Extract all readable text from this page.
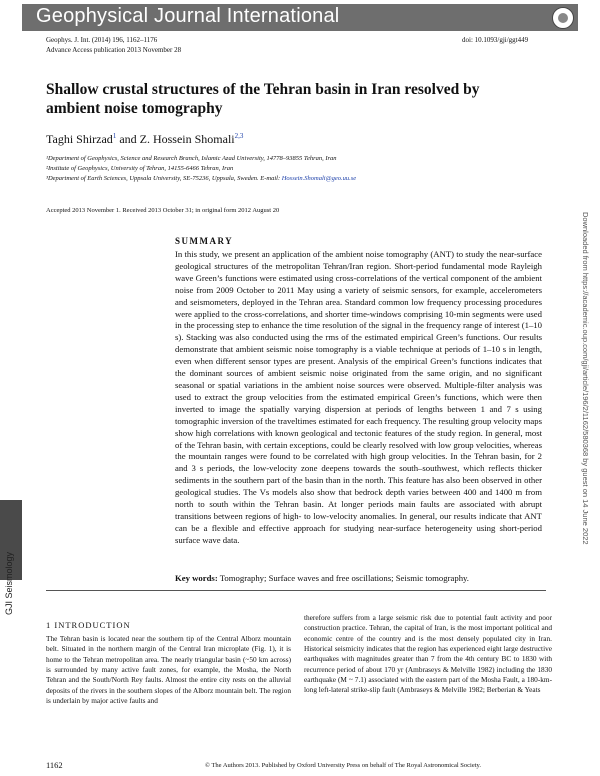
Geophysical Journal International
Geophys. J. Int. (2014) 196, 1162–1176
Advance Access publication 2013 November 28
doi: 10.1093/gji/ggt449
Shallow crustal structures of the Tehran basin in Iran resolved by ambient noise tomography
Taghi Shirzad$^1$ and Z. Hossein Shomali$^{2,3}$
¹Department of Geophysics, Science and Research Branch, Islamic Azad University, 14778–93855 Tehran, Iran
²Institute of Geophysics, University of Tehran, 14155-6466 Tehran, Iran
³Department of Earth Sciences, Uppsala University, SE-75236, Uppsala, Sweden. E-mail: Hossein.Shomali@geo.uu.se
Accepted 2013 November 1. Received 2013 October 31; in original form 2012 August 20
Downloaded from https://academic.oup.com/gji/article/196/2/1162/580368 by guest on 14 June 2022
SUMMARY
In this study, we present an application of the ambient noise tomography (ANT) to study the near-surface geological structures of the metropolitan Tehran/Iran region. Short-period fundamental mode Rayleigh wave Green’s functions were estimated using cross-correlations of the vertical component of the ambient noise from 2009 October to 2011 May using a variety of seismic sensors, for example, accelerometers and seismometers, deployed in the Tehran area. Standard common low frequency processing procedures were applied to the cross-correlations, and shorter time-windows comprising 10-min segments were used in the processing step to enhance the time resolution of the signal in the frequency range of interest (1–10 s). Stacking was also conducted using the rms of the estimated empirical Green’s functions. Our results demonstrate that ambient seismic noise tomography is a viable technique at periods of 1–10 s in length, even when different sensor types are present. Analysis of the empirical Green’s functions indicates that the dominant sources of ambient seismic noise originated from the same origin, and no significant seasonal or spatial variations in the ambient noise sources were observed. Multiple-filter analysis was used to extract the group velocities from the estimated empirical Green’s functions, which were then inverted to image the spatially varying dispersion at periods of lengths between 1 and 7 s using tomographic inversion of the traveltimes estimated for each frequency. The resulting group velocity maps show high correlations with known geological and tectonic features of the study region. In general, most of the Tehran basin, with certain exceptions, could be clearly resolved with low group velocities, whereas the mountain ranges were found to be correlated with high group velocities. In the Tehran basin, for 2 and 3 s periods, the low-velocity zone deepens towards the south–southwest, which reflects thicker sediments in the southern part of the basin than in the north. This feature has also been observed in other geological studies. The Vs models also show that bedrock depth varies between 400 and 1400 m from north to south within the Tehran basin. At longer periods main faults are associated with abrupt transitions between regions of high- to low-velocity anomalies. In general, our results indicate that ANT can be a flexible and effective approach for studying near-surface heterogeneity using short-period surface wave data.
Key words: Tomography; Surface waves and free oscillations; Seismic tomography.
GJI Seismology
1 INTRODUCTION
The Tehran basin is located near the southern tip of the Central Alborz mountain belt. Situated in the northern margin of the Central Iran microplate (Fig. 1), it is home to the Tehran metropolitan area. The nearly triangular basin (~50 km across) is surrounded by many active fault zones, for example, the Mosha, the North Tehran and the South/North Rey faults. Almost the entire city rests on the alluvial deposits of the rivers in the southern slopes of the Alborz mountain belt. The region is underlain by major active faults and
therefore suffers from a large seismic risk due to potential fault activity and poor construction practice. Tehran, the capital of Iran, is the most important political and economic centre of the country and is the most densely populated city in Iran. Historical seismicity indicates that the region has experienced eight large destructive earthquakes with magnitudes greater than 7 from the 4th century BC to 1830 with recurrence period of about 170 yr (Ambraseys & Melville 1982) including the 1830 earthquake (M ~ 7.1) associated with the eastern part of the Mosha Fault, a 180-km-long left-lateral strike-slip fault (Ambraseys & Melville 1982; Berberian & Yeats
1162	© The Authors 2013. Published by Oxford University Press on behalf of The Royal Astronomical Society.
